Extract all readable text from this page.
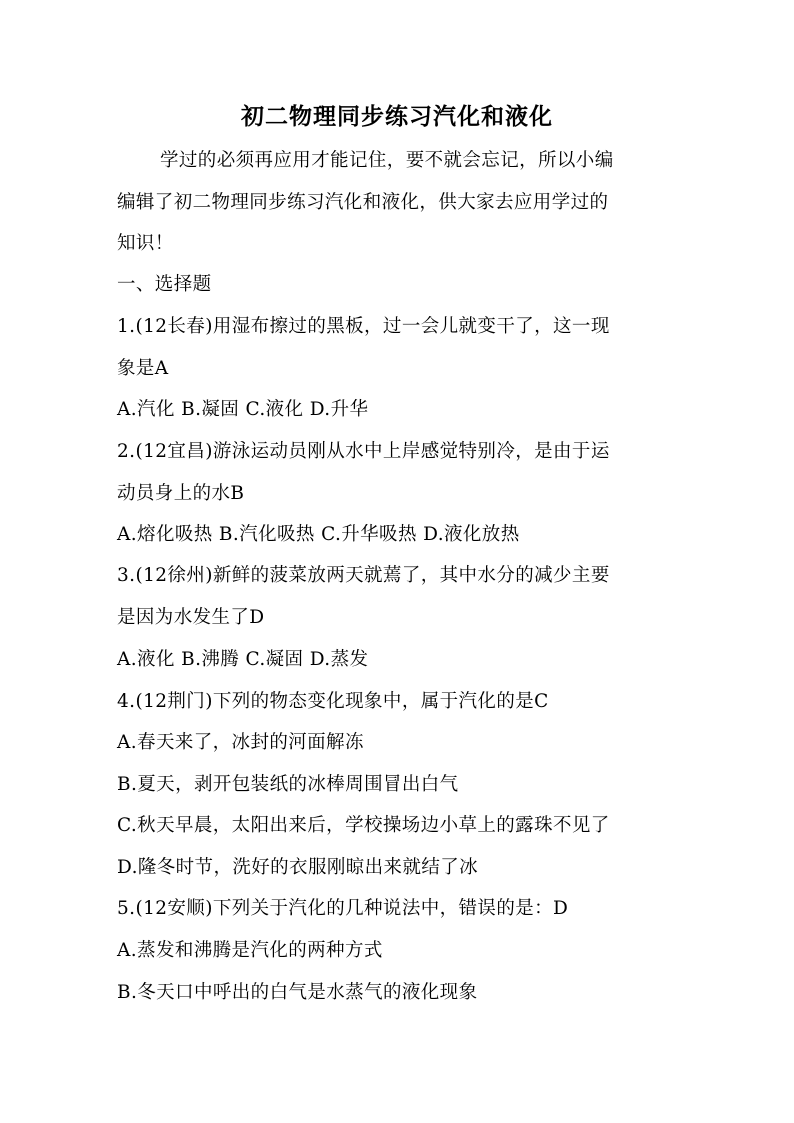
初二物理同步练习汽化和液化
学过的必须再应用才能记住，要不就会忘记，所以小编
编辑了初二物理同步练习汽化和液化，供大家去应用学过的
知识！
一、选择题
1.(12长春)用湿布擦过的黑板，过一会儿就变干了，这一现
象是A
A.汽化 B.凝固 C.液化 D.升华
2.(12宜昌)游泳运动员刚从水中上岸感觉特别冷，是由于运
动员身上的水B
A.熔化吸热 B.汽化吸热 C.升华吸热 D.液化放热
3.(12徐州)新鲜的菠菜放两天就蔫了，其中水分的减少主要
是因为水发生了D
A.液化 B.沸腾 C.凝固 D.蒸发
4.(12荆门)下列的物态变化现象中，属于汽化的是C
A.春天来了，冰封的河面解冻
B.夏天，剥开包装纸的冰棒周围冒出白气
C.秋天早晨，太阳出来后，学校操场边小草上的露珠不见了
D.隆冬时节，洗好的衣服刚晾出来就结了冰
5.(12安顺)下列关于汽化的几种说法中，错误的是：D
A.蒸发和沸腾是汽化的两种方式
B.冬天口中呼出的白气是水蒸气的液化现象
